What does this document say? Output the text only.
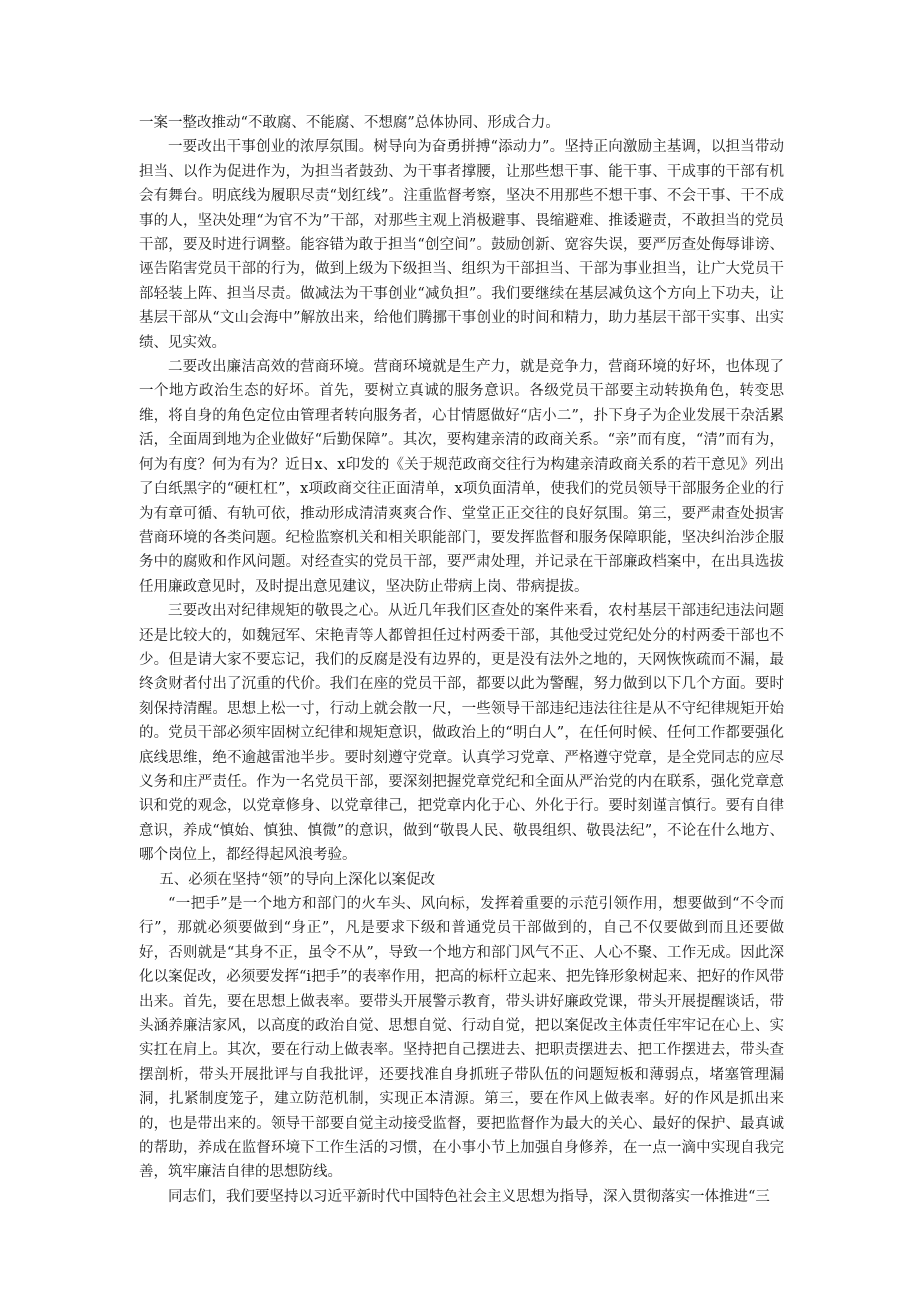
一案一整改推动“不敢腐、不能腐、不想腐”总体协同、形成合力。

一要改出干事创业的浓厚氛围。树导向为奋勇拼搏“添动力”。坚持正向激励主基调，以担当带动担当、以作为促进作为，为担当者鼓劲、为干事者撑腰，让那些想干事、能干事、干成事的干部有机会有舞台。明底线为履职尽责“划红线”。注重监督考察，坚决不用那些不想干事、不会干事、干不成事的人，坚决处理“为官不为”干部，对那些主观上消极避事、畏缩避难、推诿避责，不敢担当的党员干部，要及时进行调整。能容错为敢于担当“创空间”。鼓励创新、宽容失误，要严厉查处侮辱诽谤、诬告陷害党员干部的行为，做到上级为下级担当、组织为干部担当、干部为事业担当，让广大党员干部轻装上阵、担当尽责。做减法为干事创业“减负担”。我们要继续在基层减负这个方向上下功夫，让基层干部从“文山会海中”解放出来，给他们腾挪干事创业的时间和精力，助力基层干部干实事、出实绩、见实效。

二要改出廉洁高效的营商环境。营商环境就是生产力，就是竞争力，营商环境的好坏，也体现了一个地方政治生态的好坏。首先，要树立真诚的服务意识。各级党员干部要主动转换角色，转变思维，将自身的角色定位由管理者转向服务者，心甘情愿做好“店小二”，扑下身子为企业发展干杂活累活，全面周到地为企业做好“后勤保障”。其次，要构建亲清的政商关系。“亲”而有度，“清”而有为，何为有度？何为有为？近日x、x印发的《关于规范政商交往行为构建亲清政商关系的若干意见》列出了白纸黑字的“硬杠杠”，x项政商交往正面清单，x项负面清单，使我们的党员领导干部服务企业的行为有章可循、有轨可依，推动形成清清爽爽合作、堂堂正正交往的良好氛围。第三，要严肃查处损害营商环境的各类问题。纪检监察机关和相关职能部门，要发挥监督和服务保障职能，坚决纠治涉企服务中的腐败和作风问题。对经查实的党员干部，要严肃处理，并记录在干部廉政档案中，在出具选拔任用廉政意见时，及时提出意见建议，坚决防止带病上岗、带病提拔。

三要改出对纪律规矩的敬畏之心。从近几年我们区查处的案件来看，农村基层干部违纪违法问题还是比较大的，如魏冠军、宋艳青等人都曾担任过村两委干部，其他受过党纪处分的村两委干部也不少。但是请大家不要忘记，我们的反腐是没有边界的，更是没有法外之地的，天网恢恢疏而不漏，最终贪财者付出了沉重的代价。我们在座的党员干部，都要以此为警醒，努力做到以下几个方面。要时刻保持清醒。思想上松一寸，行动上就会散一尺，一些领导干部违纪违法往往是从不守纪律规矩开始的。党员干部必须牢固树立纪律和规矩意识，做政治上的“明白人”，在任何时候、任何工作都要强化底线思维，绝不逾越雷池半步。要时刻遵守党章。认真学习党章、严格遵守党章，是全党同志的应尽义务和庄严责任。作为一名党员干部，要深刻把握党章党纪和全面从严治党的内在联系，强化党章意识和党的观念，以党章修身、以党章律己，把党章内化于心、外化于行。要时刻谨言慎行。要有自律意识，养成“慎始、慎独、慎微”的意识，做到“敬畏人民、敬畏组织、敬畏法纪”，不论在什么地方、哪个岗位上，都经得起风浪考验。

五、必须在坚持“领”的导向上深化以案促改

“一把手”是一个地方和部门的火车头、风向标，发挥着重要的示范引领作用，想要做到“不令而行”，那就必须要做到“身正”，凡是要求下级和普通党员干部做到的，自己不仅要做到而且还要做好，否则就是“其身不正，虽令不从”，导致一个地方和部门风气不正、人心不聚、工作无成。因此深化以案促改，必须要发挥“i把手”的表率作用，把高的标杆立起来、把先锋形象树起来、把好的作风带出来。首先，要在思想上做表率。要带头开展警示教育，带头讲好廉政党课，带头开展提醒谈话，带头涵养廉洁家风，以高度的政治自觉、思想自觉、行动自觉，把以案促改主体责任牢牢记在心上、实实扛在肩上。其次，要在行动上做表率。坚持把自己摆进去、把职责摆进去、把工作摆进去，带头查摆剖析，带头开展批评与自我批评，还要找准自身抓班子带队伍的问题短板和薄弱点，堵塞管理漏洞，扎紧制度笼子，建立防范机制，实现正本清源。第三，要在作风上做表率。好的作风是抓出来的，也是带出来的。领导干部要自觉主动接受监督，要把监督作为最大的关心、最好的保护、最真诚的帮助，养成在监督环境下工作生活的习惯，在小事小节上加强自身修养，在一点一滴中实现自我完善，筑牢廉洁自律的思想防线。

同志们，我们要坚持以习近平新时代中国特色社会主义思想为指导，深入贯彻落实一体推进“三
